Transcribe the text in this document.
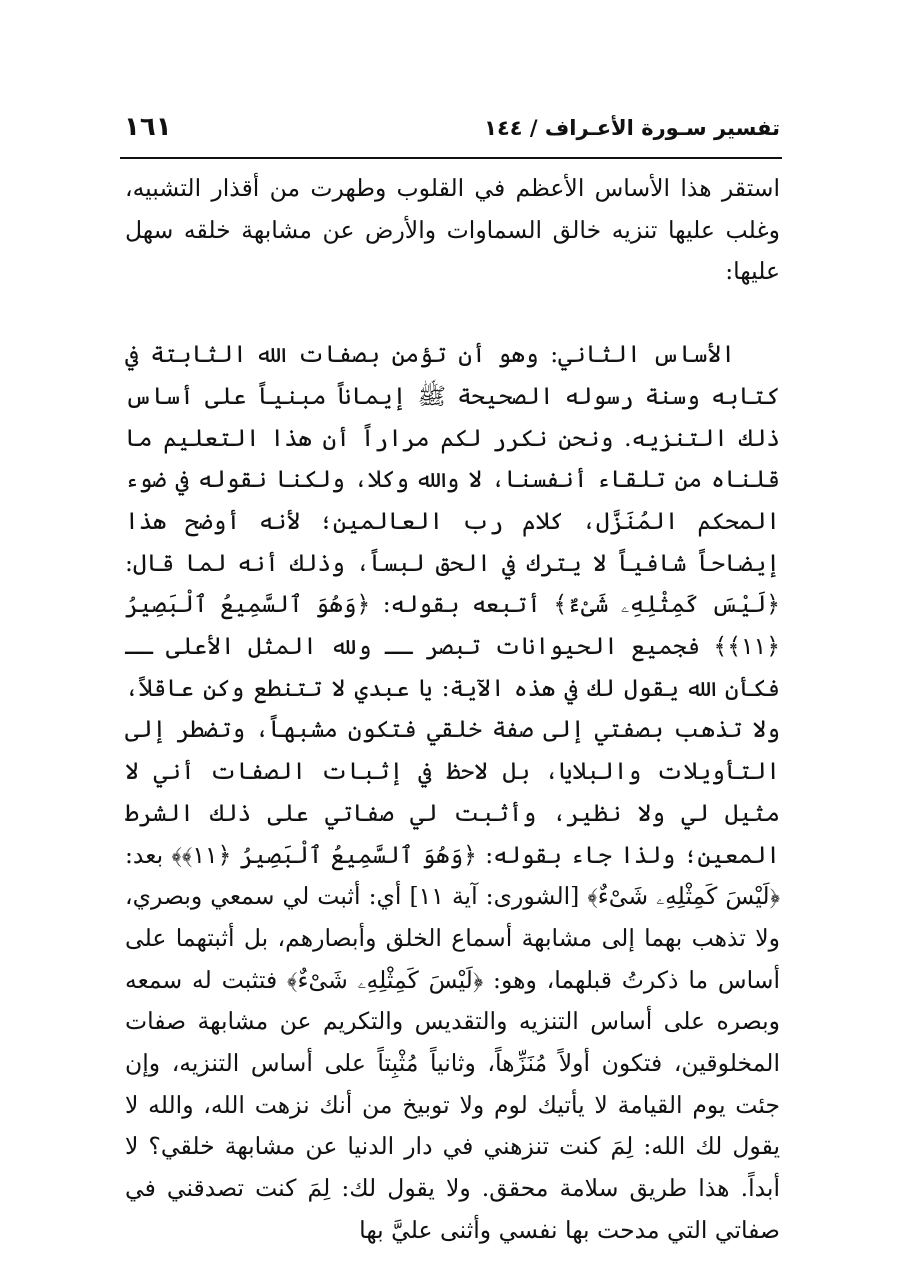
تفسير سـورة الأعـراف / ١٤٤
١٦١

استقر هذا الأساس الأعظم في القلوب وطهرت من أقذار التشبيه، وغلب عليها تنزيه خالق السماوات والأرض عن مشابهة خلقه سهل عليها:

الأساس الثاني: وهو أن تؤمن بصفات الله الثابتة في كتابه وسنة رسوله الصحيحة ﷺ إيماناً مبنياً على أساس ذلك التنزيه. ونحن نكرر لكم مراراً أن هذا التعليم ما قلناه من تلقاء أنفسنا، لا والله وكلا، ولكنا نقوله في ضوء المحكم المُنَزَّل، كلام رب العالمين؛ لأنه أوضح هذا إيضاحاً شافياً لا يترك في الحق لبساً، وذلك أنه لما قال: ﴿لَيْسَ كَمِثْلِهِۦ شَىْءٌ﴾ أتبعه بقوله: ﴿وَهُوَ ٱلسَّمِيعُ ٱلْبَصِيرُ ﴿١١﴾﴾ فجميع الحيوانات تبصر ــ ولله المثل الأعلى ــ فكأن الله يقول لك في هذه الآية: يا عبدي لا تتنطع وكن عاقلاً، ولا تذهب بصفتي إلى صفة خلقي فتكون مشبهاً، وتضطر إلى التأويلات والبلايا، بل لاحظ في إثبات الصفات أني لا مثيل لي ولا نظير، وأثبت لي صفاتي على ذلك الشرط المعين؛ ولذا جاء بقوله: ﴿وَهُوَ ٱلسَّمِيعُ ٱلْبَصِيرُ ﴿١١﴾﴾ بعد: ﴿لَيْسَ كَمِثْلِهِۦ شَىْءٌ﴾ [الشورى: آية ١١] أي: أثبت لي سمعي وبصري، ولا تذهب بهما إلى مشابهة أسماع الخلق وأبصارهم، بل أثبتهما على أساس ما ذكرتُ قبلهما، وهو: ﴿لَيْسَ كَمِثْلِهِۦ شَىْءٌ﴾ فتثبت له سمعه وبصره على أساس التنزيه والتقديس والتكريم عن مشابهة صفات المخلوقين، فتكون أولاً مُنَزِّهاً، وثانياً مُثْبِتاً على أساس التنزيه، وإن جئت يوم القيامة لا يأتيك لوم ولا توبيخ من أنك نزهت الله، والله لا يقول لك الله: لِمَ كنت تنزهني في دار الدنيا عن مشابهة خلقي؟ لا أبداً. هذا طريق سلامة محقق. ولا يقول لك: لِمَ كنت تصدقني في صفاتي التي مدحت بها نفسي وأثنى عليَّ بها
